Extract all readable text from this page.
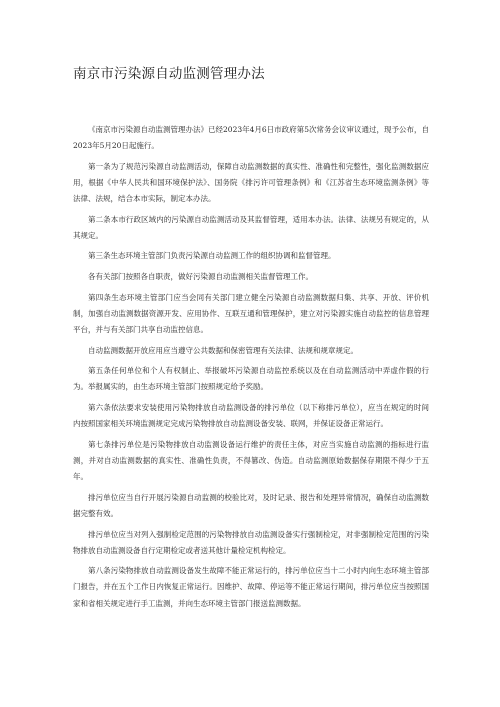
南京市污染源自动监测管理办法

《南京市污染源自动监测管理办法》已经2023年4月6日市政府第5次常务会议审议通过，现予公布，自2023年5月20日起施行。

第一条为了规范污染源自动监测活动，保障自动监测数据的真实性、准确性和完整性，强化监测数据应用，根据《中华人民共和国环境保护法》、国务院《排污许可管理条例》和《江苏省生态环境监测条例》等法律、法规，结合本市实际，制定本办法。

第二条本市行政区域内的污染源自动监测活动及其监督管理，适用本办法。法律、法规另有规定的，从其规定。

第三条生态环境主管部门负责污染源自动监测工作的组织协调和监督管理。

各有关部门按照各自职责，做好污染源自动监测相关监督管理工作。

第四条生态环境主管部门应当会同有关部门建立健全污染源自动监测数据归集、共享、开放、评价机制，加强自动监测数据资源开发、应用协作、互联互通和管理保护，建立对污染源实施自动监控的信息管理平台，并与有关部门共享自动监控信息。

自动监测数据开放应用应当遵守公共数据和保密管理有关法律、法规和规章规定。

第五条任何单位和个人有权制止、举报破坏污染源自动监控系统以及在自动监测活动中弄虚作假的行为。举报属实的，由生态环境主管部门按照规定给予奖励。

第六条依法要求安装使用污染物排放自动监测设备的排污单位（以下称排污单位），应当在规定的时间内按照国家相关环境监测规定完成污染物排放自动监测设备安装、联网，并保证设备正常运行。

第七条排污单位是污染物排放自动监测设备运行维护的责任主体，对应当实施自动监测的指标进行监测，并对自动监测数据的真实性、准确性负责，不得篡改、伪造。自动监测原始数据保存期限不得少于五年。

排污单位应当自行开展污染源自动监测的校验比对，及时记录、报告和处理异常情况，确保自动监测数据完整有效。

排污单位应当对列入强制检定范围的污染物排放自动监测设备实行强制检定，对非强制检定范围的污染物排放自动监测设备自行定期检定或者送其他计量检定机构检定。

第八条污染物排放自动监测设备发生故障不能正常运行的，排污单位应当十二小时内向生态环境主管部门报告，并在五个工作日内恢复正常运行。因维护、故障、停运等不能正常运行期间，排污单位应当按照国家和省相关规定进行手工监测，并向生态环境主管部门报送监测数据。
